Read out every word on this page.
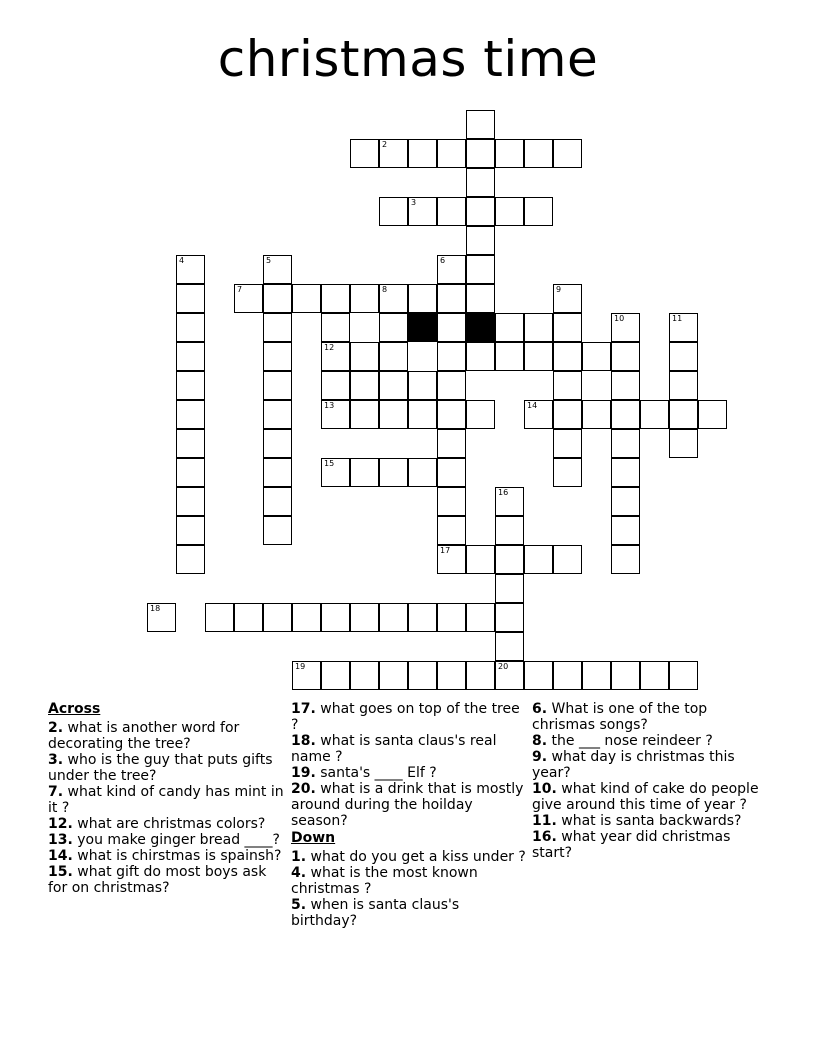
christmas time
2
3
4	5	6
17
7	8	9
10	11
12
13	14
15
16
20
18
19
Across
2. what is another word for decorating the tree?
3. who is the guy that puts gifts under the tree?
7. what kind of candy has mint in it ?
12. what are christmas colors?
13. you make ginger bread ____?
14. what is chirstmas is spainsh?
15. what gift do most boys ask for on christmas?
17. what goes on top of the tree ?
18. what is santa claus's real name ?
19. santa's ____ Elf ?
20. what is a drink that is mostly around during the hoilday season?
Down
1. what do you get a kiss under ?
4. what is the most known christmas ?
5. when is santa claus's birthday?
6. What is one of the top chrismas songs?
8. the ___ nose reindeer ?
9. what day is christmas this year?
10. what kind of cake do people give around this time of year ?
11. what is santa backwards?
16. what year did christmas start?
